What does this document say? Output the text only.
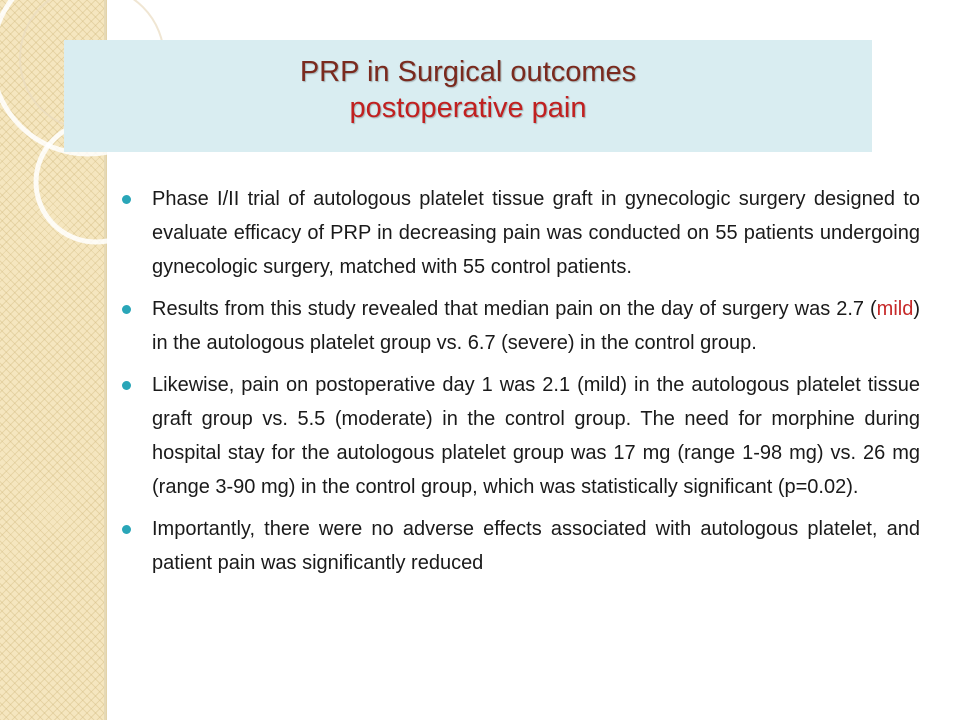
PRP in Surgical outcomes
postoperative pain
Phase I/II trial of autologous platelet tissue graft in gynecologic surgery designed to evaluate efficacy of PRP in decreasing pain was conducted on 55 patients undergoing gynecologic surgery, matched with 55 control patients.
Results from this study revealed that median pain on the day of surgery was 2.7 (mild) in the autologous platelet group vs. 6.7 (severe) in the control group.
Likewise, pain on postoperative day 1 was 2.1 (mild) in the autologous platelet tissue graft group vs. 5.5 (moderate) in the control group. The need for morphine during hospital stay for the autologous platelet group was 17 mg (range 1-98 mg) vs. 26 mg (range 3-90 mg) in the control group, which was statistically significant (p=0.02).
Importantly, there were no adverse effects associated with autologous platelet, and patient pain was significantly reduced
